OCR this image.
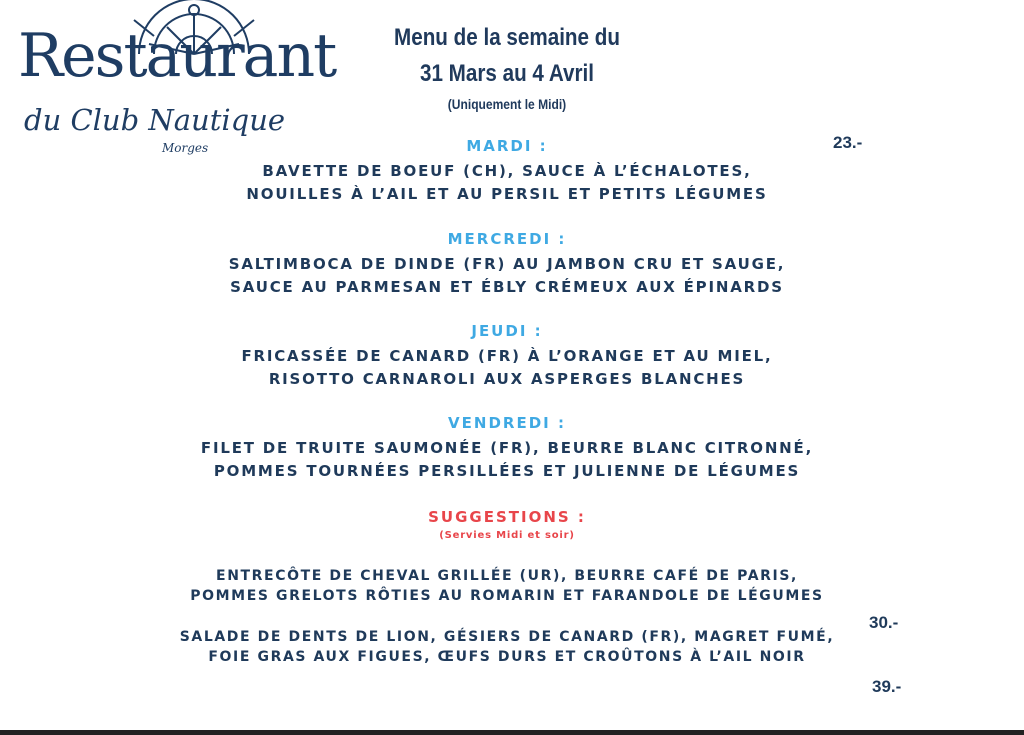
Restaurant
du Club Nautique
Morges
Menu de la semaine du
31 Mars au 4 Avril
(Uniquement le Midi)
MARDI :
BAVETTE DE BOEUF (CH), SAUCE À L’ÉCHALOTES,
NOUILLES À L’AIL ET AU PERSIL ET PETITS LÉGUMES
MERCREDI :
SALTIMBOCA DE DINDE (FR) AU JAMBON CRU ET SAUGE,
SAUCE AU PARMESAN ET ÉBLY CRÉMEUX AUX ÉPINARDS
JEUDI :
FRICASSÉE DE CANARD (FR) À L’ORANGE ET AU MIEL,
RISOTTO CARNAROLI AUX ASPERGES BLANCHES
VENDREDI :
FILET DE TRUITE SAUMONÉE (FR), BEURRE BLANC CITRONNÉ,
POMMES TOURNÉES PERSILLÉES ET JULIENNE DE LÉGUMES
SUGGESTIONS :
(Servies Midi et soir)
ENTRECÔTE DE CHEVAL GRILLÉE (UR), BEURRE CAFÉ DE PARIS,
POMMES GRELOTS RÔTIES AU ROMARIN ET FARANDOLE DE LÉGUMES
SALADE DE DENTS DE LION, GÉSIERS DE CANARD (FR), MAGRET FUMÉ,
FOIE GRAS AUX FIGUES, ŒUFS DURS ET CROÛTONS À L’AIL NOIR
23.-
30.-
39.-
